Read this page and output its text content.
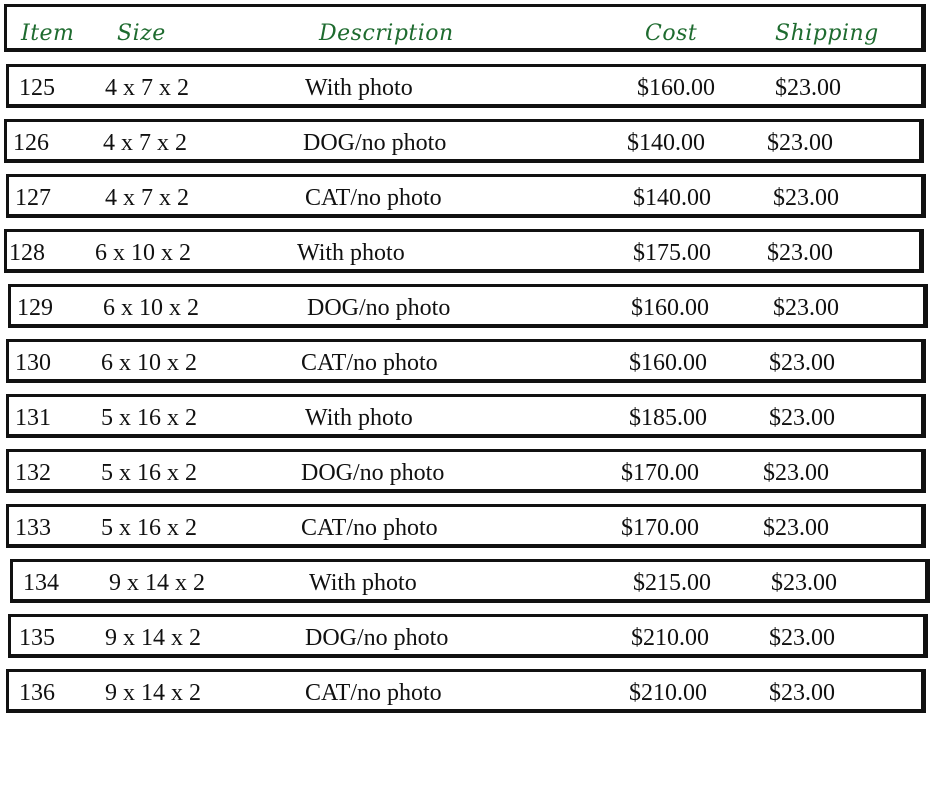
Item Size	Description	Cost	Shipping
125 4 x 7 x 2	With photo	$160.00	$23.00
126 4 x 7 x 2	DOG/no photo	$140.00	$23.00
127 4 x 7 x 2	CAT/no photo	$140.00	$23.00
128 6 x 10 x 2	With photo	$175.00 $23.00
129 6 x 10 x 2	DOG/no photo	$160.00	$23.00
130 6 x 10 x 2	CAT/no photo	$160.00	$23.00
131 5 x 16 x 2	With photo	$185.00	$23.00
132 5 x 16 x 2	DOG/no photo	$170.00	$23.00
133 5 x 16 x 2	CAT/no photo	$170.00	$23.00
134 9 x 14 x 2	With photo	$215.00	$23.00
135 9 x 14 x 2	DOG/no photo	$210.00	$23.00
136 9 x 14 x 2	CAT/no photo	$210.00	$23.00
